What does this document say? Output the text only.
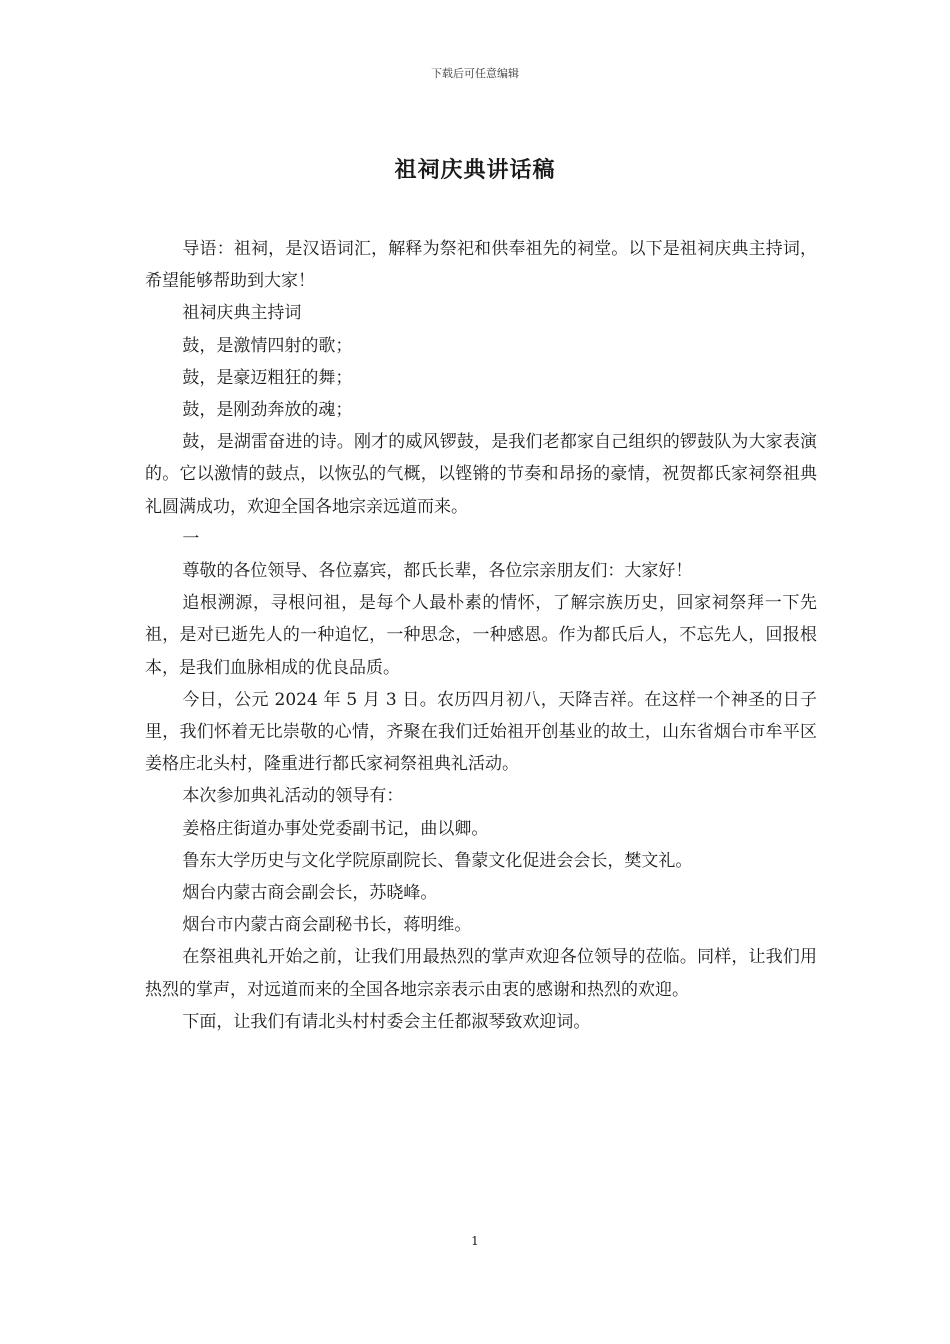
下载后可任意编辑
祖祠庆典讲话稿

导语：祖祠，是汉语词汇，解释为祭祀和供奉祖先的祠堂。以下是祖祠庆典主持词，希望能够帮助到大家！

祖祠庆典主持词

鼓，是激情四射的歌；

鼓，是豪迈粗狂的舞；

鼓，是刚劲奔放的魂；

鼓，是湖雷奋进的诗。刚才的威风锣鼓，是我们老都家自己组织的锣鼓队为大家表演的。它以激情的鼓点，以恢弘的气概，以铿锵的节奏和昂扬的豪情，祝贺都氏家祠祭祖典礼圆满成功，欢迎全国各地宗亲远道而来。

一

尊敬的各位领导、各位嘉宾，都氏长辈，各位宗亲朋友们：大家好！

追根溯源，寻根问祖，是每个人最朴素的情怀，了解宗族历史，回家祠祭拜一下先祖，是对已逝先人的一种追忆，一种思念，一种感恩。作为都氏后人，不忘先人，回报根本，是我们血脉相成的优良品质。

今日，公元 2024 年 5 月 3 日。农历四月初八，天降吉祥。在这样一个神圣的日子里，我们怀着无比崇敬的心情，齐聚在我们迁始祖开创基业的故土，山东省烟台市牟平区姜格庄北头村，隆重进行都氏家祠祭祖典礼活动。

本次参加典礼活动的领导有：

姜格庄街道办事处党委副书记，曲以卿。

鲁东大学历史与文化学院原副院长、鲁蒙文化促进会会长，樊文礼。

烟台内蒙古商会副会长，苏晓峰。

烟台市内蒙古商会副秘书长，蒋明维。

在祭祖典礼开始之前，让我们用最热烈的掌声欢迎各位领导的莅临。同样，让我们用热烈的掌声，对远道而来的全国各地宗亲表示由衷的感谢和热烈的欢迎。

下面，让我们有请北头村村委会主任都淑琴致欢迎词。

1
